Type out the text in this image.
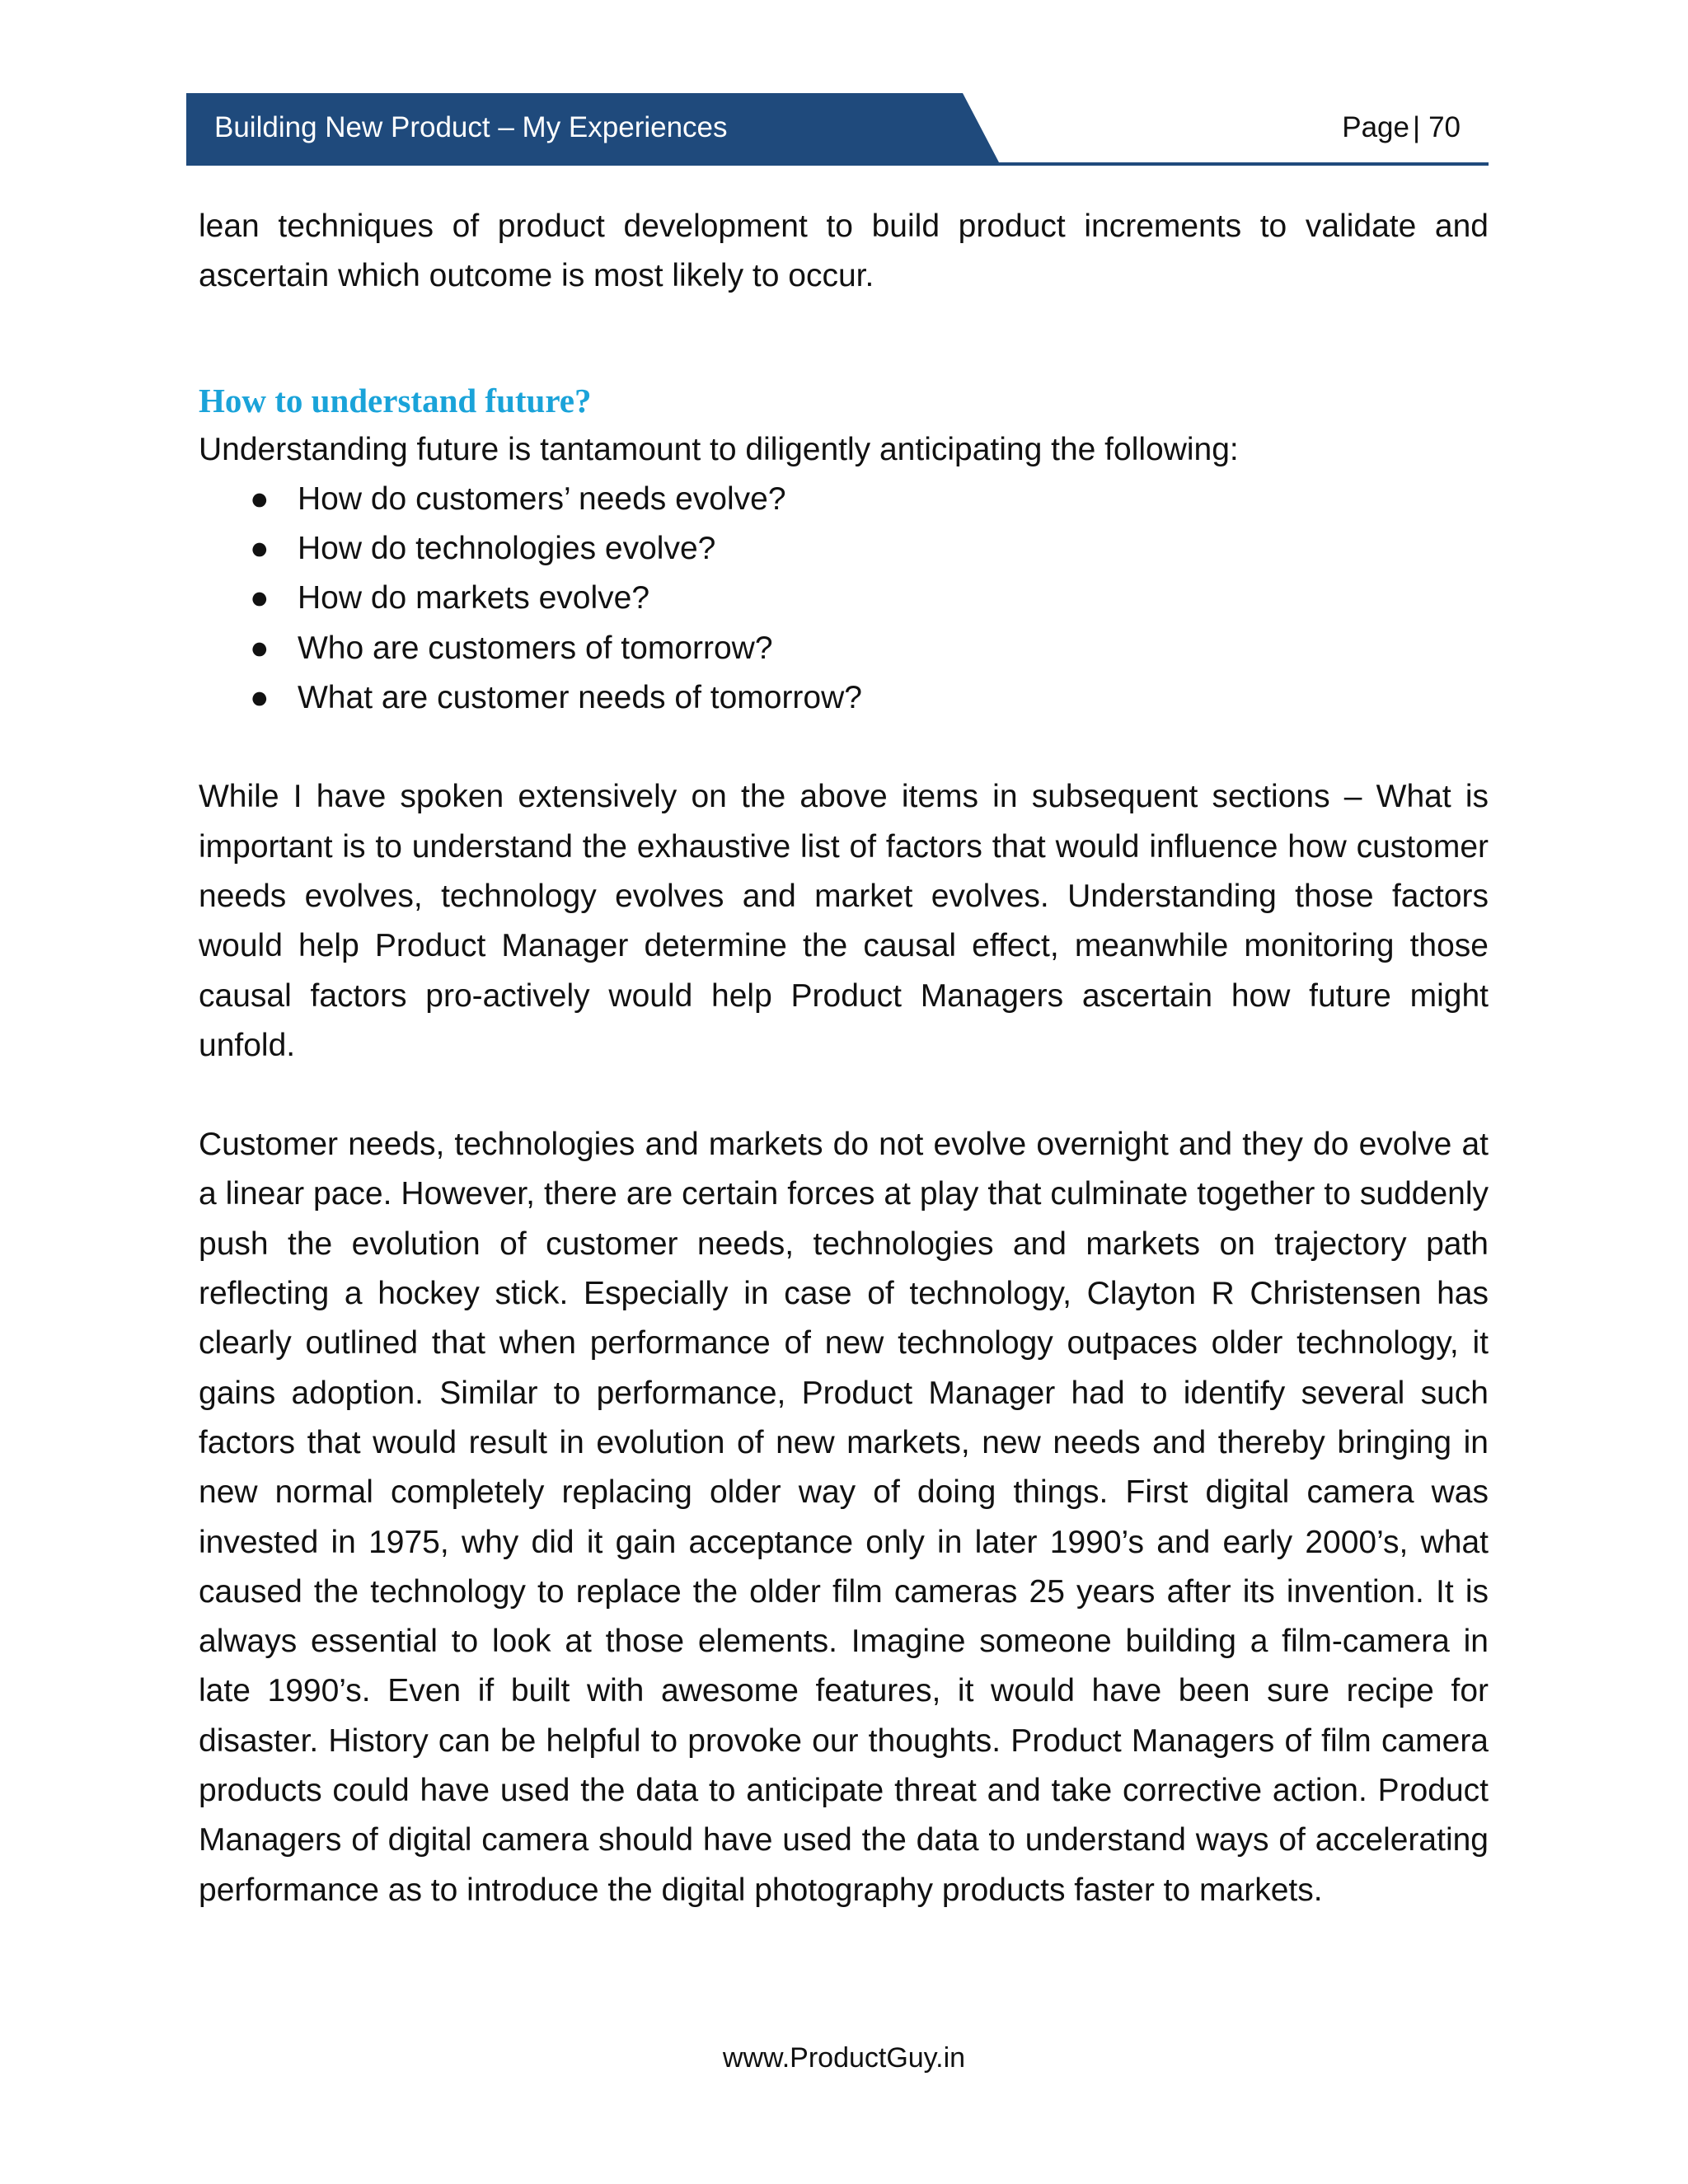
Building New Product – My Experiences	Page | 70

lean techniques of product development to build product increments to validate and ascertain which outcome is most likely to occur.

How to understand future?

Understanding future is tantamount to diligently anticipating the following:

● How do customers’ needs evolve?
● How do technologies evolve?
● How do markets evolve?
● Who are customers of tomorrow?
● What are customer needs of tomorrow?

While I have spoken extensively on the above items in subsequent sections – What is important is to understand the exhaustive list of factors that would influence how customer needs evolves, technology evolves and market evolves. Understanding those factors would help Product Manager determine the causal effect, meanwhile monitoring those causal factors pro-actively would help Product Managers ascertain how future might unfold.

Customer needs, technologies and markets do not evolve overnight and they do evolve at a linear pace. However, there are certain forces at play that culminate together to suddenly push the evolution of customer needs, technologies and markets on trajectory path reflecting a hockey stick. Especially in case of technology, Clayton R Christensen has clearly outlined that when performance of new technology outpaces older technology, it gains adoption. Similar to performance, Product Manager had to identify several such factors that would result in evolution of new markets, new needs and thereby bringing in new normal completely replacing older way of doing things. First digital camera was invested in 1975, why did it gain acceptance only in later 1990’s and early 2000’s, what caused the technology to replace the older film cameras 25 years after its invention. It is always essential to look at those elements. Imagine someone building a film-camera in late 1990’s. Even if built with awesome features, it would have been sure recipe for disaster. History can be helpful to provoke our thoughts. Product Managers of film camera products could have used the data to anticipate threat and take corrective action. Product Managers of digital camera should have used the data to understand ways of accelerating performance as to introduce the digital photography products faster to markets.

www.ProductGuy.in
